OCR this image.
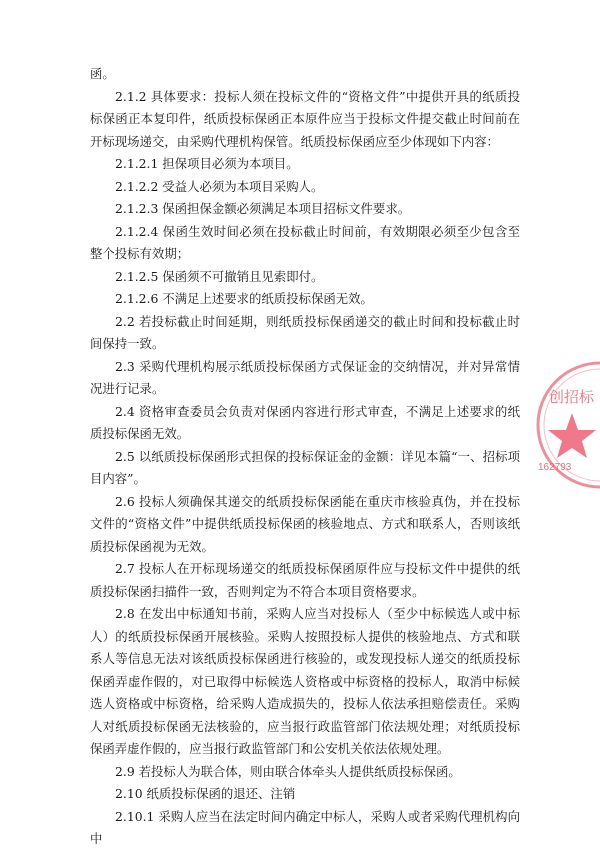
函。

2.1.2 具体要求：投标人须在投标文件的“资格文件”中提供开具的纸质投标保函正本复印件，纸质投标保函正本原件应当于投标文件提交截止时间前在开标现场递交，由采购代理机构保管。纸质投标保函应至少体现如下内容：

2.1.2.1 担保项目必须为本项目。

2.1.2.2 受益人必须为本项目采购人。

2.1.2.3 保函担保金额必须满足本项目招标文件要求。

2.1.2.4 保函生效时间必须在投标截止时间前，有效期限必须至少包含至整个投标有效期；

2.1.2.5 保函须不可撤销且见索即付。

2.1.2.6 不满足上述要求的纸质投标保函无效。

2.2 若投标截止时间延期，则纸质投标保函递交的截止时间和投标截止时间保持一致。

2.3 采购代理机构展示纸质投标保函方式保证金的交纳情况，并对异常情况进行记录。

2.4 资格审查委员会负责对保函内容进行形式审查，不满足上述要求的纸质投标保函无效。

2.5 以纸质投标保函形式担保的投标保证金的金额：详见本篇“一、招标项目内容”。

2.6 投标人须确保其递交的纸质投标保函能在重庆市核验真伪，并在投标文件的“资格文件”中提供纸质投标保函的核验地点、方式和联系人，否则该纸质投标保函视为无效。

2.7 投标人在开标现场递交的纸质投标保函原件应与投标文件中提供的纸质投标保函扫描件一致，否则判定为不符合本项目资格要求。

2.8 在发出中标通知书前，采购人应当对投标人（至少中标候选人或中标人）的纸质投标保函开展核验。采购人按照投标人提供的核验地点、方式和联系人等信息无法对该纸质投标保函进行核验的，或发现投标人递交的纸质投标保函弄虚作假的，对已取得中标候选人资格或中标资格的投标人，取消中标候选人资格或中标资格，给采购人造成损失的，投标人依法承担赔偿责任。采购人对纸质投标保函无法核验的，应当报行政监管部门依法规处理；对纸质投标保函弄虚作假的，应当报行政监管部门和公安机关依法依规处理。

2.9 若投标人为联合体，则由联合体牵头人提供纸质投标保函。

2.10 纸质投标保函的退还、注销

2.10.1 采购人应当在法定时间内确定中标人，采购人或者采购代理机构向中

创招标
162793
